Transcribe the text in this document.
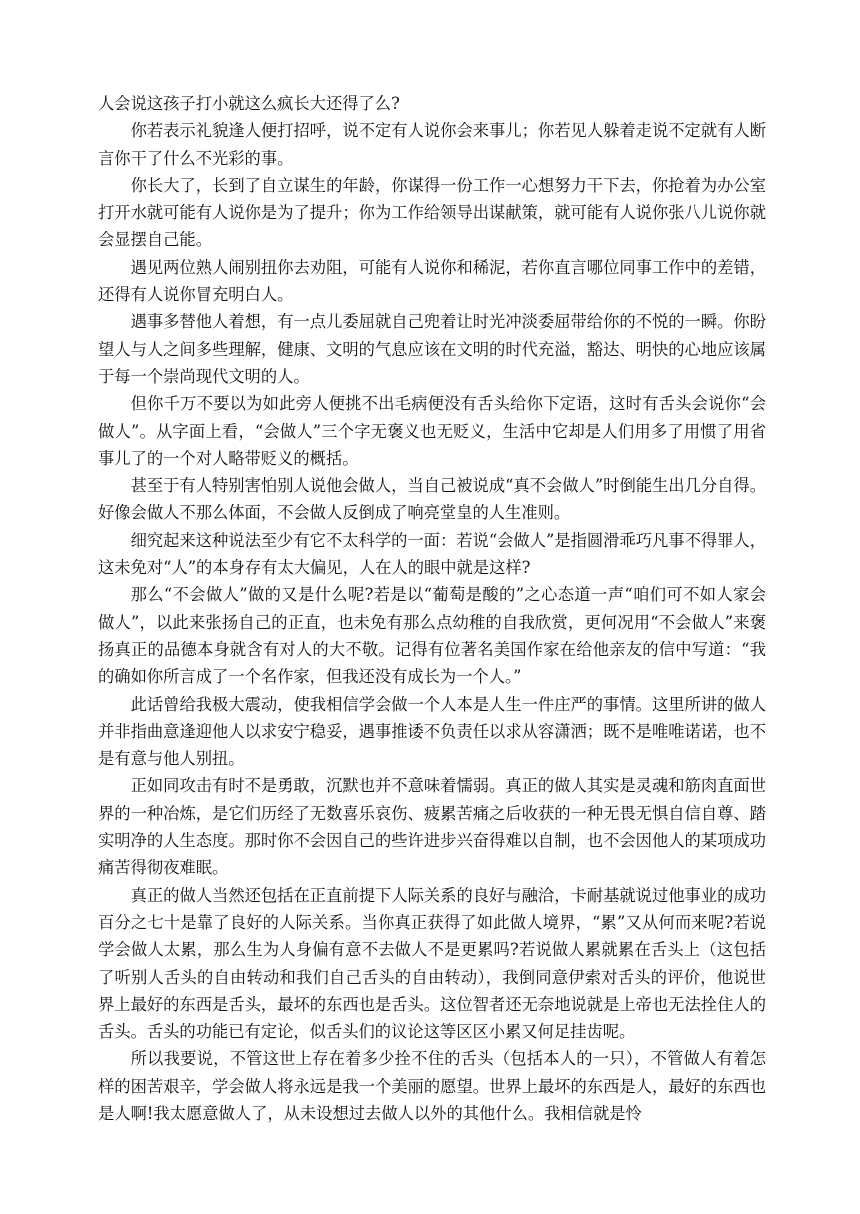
人会说这孩子打小就这么疯长大还得了么?

你若表示礼貌逢人便打招呼，说不定有人说你会来事儿；你若见人躲着走说不定就有人断言你干了什么不光彩的事。

你长大了，长到了自立谋生的年龄，你谋得一份工作一心想努力干下去，你抢着为办公室打开水就可能有人说你是为了提升；你为工作给领导出谋献策，就可能有人说你张八儿说你就会显摆自己能。

遇见两位熟人闹别扭你去劝阻，可能有人说你和稀泥，若你直言哪位同事工作中的差错，还得有人说你冒充明白人。

遇事多替他人着想，有一点儿委屈就自己兜着让时光冲淡委屈带给你的不悦的一瞬。你盼望人与人之间多些理解，健康、文明的气息应该在文明的时代充溢，豁达、明快的心地应该属于每一个崇尚现代文明的人。

但你千万不要以为如此旁人便挑不出毛病便没有舌头给你下定语，这时有舌头会说你“会做人”。从字面上看，“会做人”三个字无褒义也无贬义，生活中它却是人们用多了用惯了用省事儿了的一个对人略带贬义的概括。

甚至于有人特别害怕别人说他会做人，当自己被说成“真不会做人”时倒能生出几分自得。好像会做人不那么体面，不会做人反倒成了响亮堂皇的人生准则。

细究起来这种说法至少有它不太科学的一面：若说“会做人”是指圆滑乖巧凡事不得罪人，这未免对“人”的本身存有太大偏见，人在人的眼中就是这样?

那么“不会做人”做的又是什么呢?若是以“葡萄是酸的”之心态道一声“咱们可不如人家会做人”，以此来张扬自己的正直，也未免有那么点幼稚的自我欣赏，更何况用“不会做人”来褒扬真正的品德本身就含有对人的大不敬。记得有位著名美国作家在给他亲友的信中写道：“我的确如你所言成了一个名作家，但我还没有成长为一个人。”

此话曾给我极大震动，使我相信学会做一个人本是人生一件庄严的事情。这里所讲的做人并非指曲意逢迎他人以求安宁稳妥，遇事推诿不负责任以求从容潇洒；既不是唯唯诺诺，也不是有意与他人别扭。

正如同攻击有时不是勇敢，沉默也并不意味着懦弱。真正的做人其实是灵魂和筋肉直面世界的一种冶炼，是它们历经了无数喜乐哀伤、疲累苦痛之后收获的一种无畏无惧自信自尊、踏实明净的人生态度。那时你不会因自己的些许进步兴奋得难以自制，也不会因他人的某项成功痛苦得彻夜难眠。

真正的做人当然还包括在正直前提下人际关系的良好与融洽，卡耐基就说过他事业的成功百分之七十是靠了良好的人际关系。当你真正获得了如此做人境界，“累”又从何而来呢?若说学会做人太累，那么生为人身偏有意不去做人不是更累吗?若说做人累就累在舌头上（这包括了听别人舌头的自由转动和我们自己舌头的自由转动），我倒同意伊索对舌头的评价，他说世界上最好的东西是舌头，最坏的东西也是舌头。这位智者还无奈地说就是上帝也无法拴住人的舌头。舌头的功能已有定论，似舌头们的议论这等区区小累又何足挂齿呢。

所以我要说，不管这世上存在着多少拴不住的舌头（包括本人的一只），不管做人有着怎样的困苦艰辛，学会做人将永远是我一个美丽的愿望。世界上最坏的东西是人，最好的东西也是人啊!我太愿意做人了，从未设想过去做人以外的其他什么。我相信就是怜
